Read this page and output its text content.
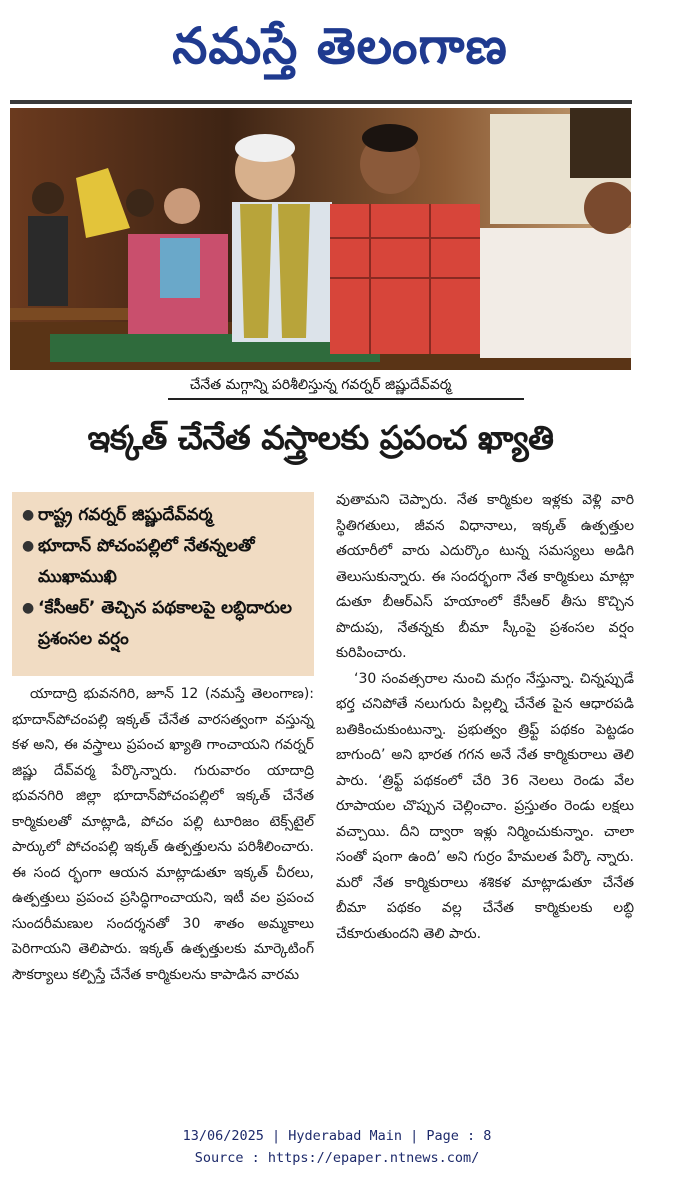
నమస్తే తెలంగాణ
చేనేత మగ్గాన్ని పరిశీలిస్తున్న గవర్నర్ జిష్ణుదేవ్‌వర్మ
ఇక్కత్ చేనేత వస్త్రాలకు ప్రపంచ ఖ్యాతి
● రాష్ట్ర గవర్నర్ జిష్ణుదేవ్‌వర్మ
● భూదాన్ పోచంపల్లిలో నేతన్నలతో ముఖాముఖి
● ‘కేసీఆర్’ తెచ్చిన పథకాలపై లబ్ధిదారుల ప్రశంసల వర్షం

యాదాద్రి భువనగిరి, జూన్ 12 (నమస్తే తెలంగాణ): భూదాన్‌పోచంపల్లి ఇక్కత్ చేనేత వారసత్వంగా వస్తున్న కళ అని, ఈ వస్త్రాలు ప్రపంచ ఖ్యాతి గాంచాయని గవర్నర్ జిష్ణు దేవ్‌వర్మ పేర్కొన్నారు. గురువారం యాదాద్రి భువనగిరి జిల్లా భూదాన్‌పోచంపల్లిలో ఇక్కత్ చేనేత కార్మికులతో మాట్లాడి, పోచం పల్లి టూరిజం టెక్స్‌టైల్ పార్కులో పోచంపల్లి ఇక్కత్ ఉత్పత్తులను పరిశీలించారు. ఈ సంద ర్భంగా ఆయన మాట్లాడుతూ ఇక్కత్ చీరలు, ఉత్పత్తులు ప్రపంచ ప్రసిద్ధిగాంచాయని, ఇటీ వల ప్రపంచ సుందరీమణుల సందర్శనతో 30 శాతం అమ్మకాలు పెరిగాయని తెలిపారు. ఇక్కత్ ఉత్పత్తులకు మార్కెటింగ్ సౌకర్యాలు కల్పిస్తే చేనేత కార్మికులను కాపాడిన వారమ

వుతామని చెప్పారు. నేత కార్మికుల ఇళ్లకు వెళ్లి వారి స్థితిగతులు, జీవన విధానాలు, ఇక్కత్ ఉత్పత్తుల తయారీలో వారు ఎదుర్కొం టున్న సమస్యలు అడిగి తెలుసుకున్నారు. ఈ సందర్భంగా నేత కార్మికులు మాట్లా డుతూ బీఆర్‌ఎస్ హయాంలో కేసీఆర్ తీసు కొచ్చిన పొదుపు, నేతన్నకు బీమా స్కీంపై ప్రశంసల వర్షం కురిపించారు.

‘30 సంవత్సరాల నుంచి మగ్గం నేస్తున్నా. చిన్నప్పుడే భర్త చనిపోతే నలుగురు పిల్లల్ని చేనేత పైన ఆధారపడి బతికించుకుంటున్నా. ప్రభుత్వం త్రిఫ్ట్ పథకం పెట్టడం బాగుంది’ అని భారత గగన అనే నేత కార్మికురాలు తెలి పారు. ‘త్రిఫ్ట్ పథకంలో చేరి 36 నెలలు రెండు వేల రూపాయల చొప్పున చెల్లించాం. ప్రస్తుతం రెండు లక్షలు వచ్చాయి. దీని ద్వారా ఇళ్లు నిర్మించుకున్నాం. చాలా సంతో షంగా ఉంది’ అని గుర్రం హేమలత పేర్కొ న్నారు. మరో నేత కార్మికురాలు శశికళ మాట్లాడుతూ చేనేత బీమా పథకం వల్ల చేనేత కార్మికులకు లబ్ధి చేకూరుతుందని తెలి పారు.

13/06/2025 | Hyderabad Main | Page : 8
Source : https://epaper.ntnews.com/
